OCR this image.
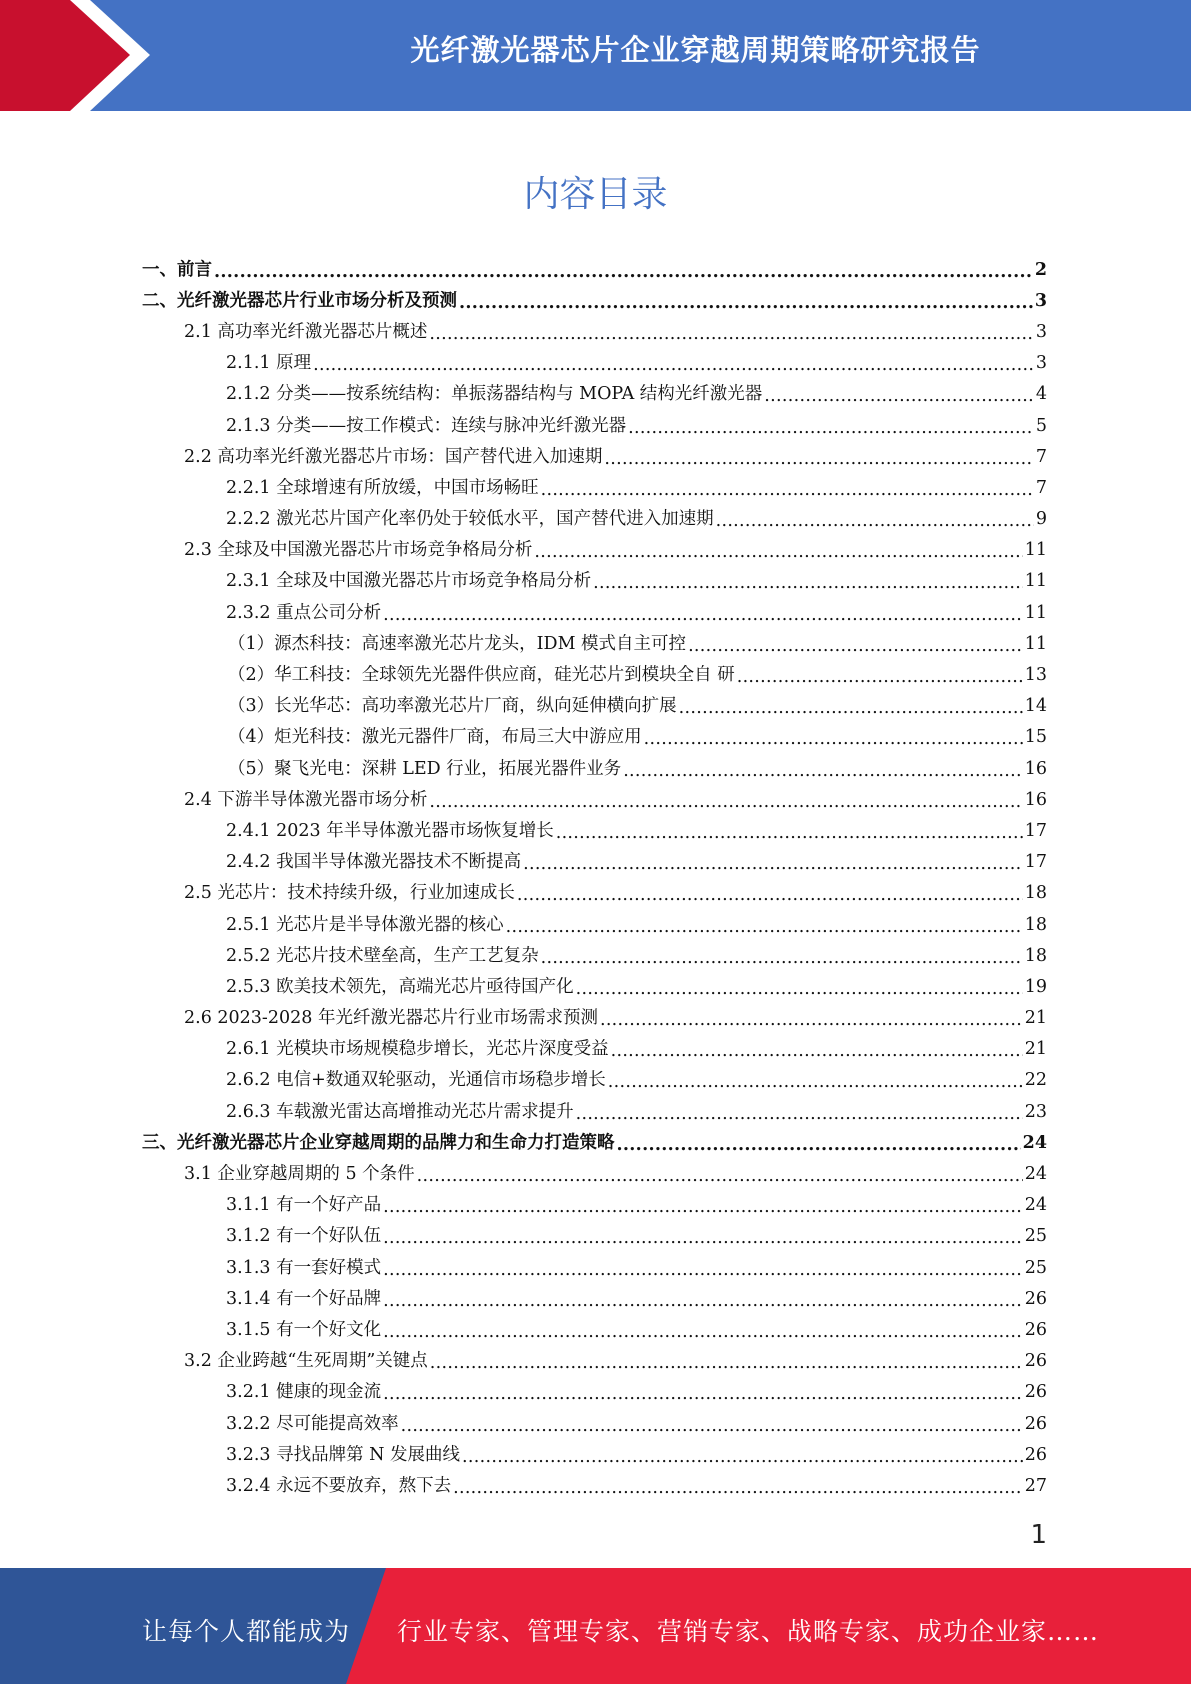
光纤激光器芯片企业穿越周期策略研究报告
内容目录
一、前言 .....	2
二、光纤激光器芯片行业市场分析及预测 .....	3
2.1 高功率光纤激光器芯片概述 .....	3
2.1.1 原理 .....	3
2.1.2 分类——按系统结构：单振荡器结构与 MOPA 结构光纤激光器 .....	4
2.1.3 分类——按工作模式：连续与脉冲光纤激光器 .....	5
2.2 高功率光纤激光器芯片市场：国产替代进入加速期 .....	7
2.2.1 全球增速有所放缓，中国市场畅旺 .....	7
2.2.2 激光芯片国产化率仍处于较低水平，国产替代进入加速期 .....	9
2.3 全球及中国激光器芯片市场竞争格局分析 .....	11
2.3.1 全球及中国激光器芯片市场竞争格局分析 .....	11
2.3.2 重点公司分析 .....	11
（1）源杰科技：高速率激光芯片龙头，IDM 模式自主可控 .....	11
（2）华工科技：全球领先光器件供应商，硅光芯片到模块全自 研 .....	13
（3）长光华芯：高功率激光芯片厂商，纵向延伸横向扩展 .....	14
（4）炬光科技：激光元器件厂商，布局三大中游应用 .....	15
（5）聚飞光电：深耕 LED 行业，拓展光器件业务 .....	16
2.4 下游半导体激光器市场分析 .....	16
2.4.1 2023 年半导体激光器市场恢复增长 .....	17
2.4.2 我国半导体激光器技术不断提高 .....	17
2.5 光芯片：技术持续升级，行业加速成长 .....	18
2.5.1 光芯片是半导体激光器的核心 .....	18
2.5.2 光芯片技术壁垒高，生产工艺复杂 .....	18
2.5.3 欧美技术领先，高端光芯片亟待国产化 .....	19
2.6 2023-2028 年光纤激光器芯片行业市场需求预测 .....	21
2.6.1 光模块市场规模稳步增长，光芯片深度受益 .....	21
2.6.2 电信+数通双轮驱动，光通信市场稳步增长 .....	22
2.6.3 车载激光雷达高增推动光芯片需求提升 .....	23
三、光纤激光器芯片企业穿越周期的品牌力和生命力打造策略 .....	24
3.1 企业穿越周期的 5 个条件 .....	24
3.1.1 有一个好产品 .....	24
3.1.2 有一个好队伍 .....	25
3.1.3 有一套好模式 .....	25
3.1.4 有一个好品牌 .....	26
3.1.5 有一个好文化 .....	26
3.2 企业跨越“生死周期”关键点 .....	26
3.2.1 健康的现金流 .....	26
3.2.2 尽可能提高效率 .....	26
3.2.3 寻找品牌第 N 发展曲线 .....	26
3.2.4 永远不要放弃，熬下去 .....	27
1
让每个人都能成为 行业专家、管理专家、营销专家、战略专家、成功企业家……
